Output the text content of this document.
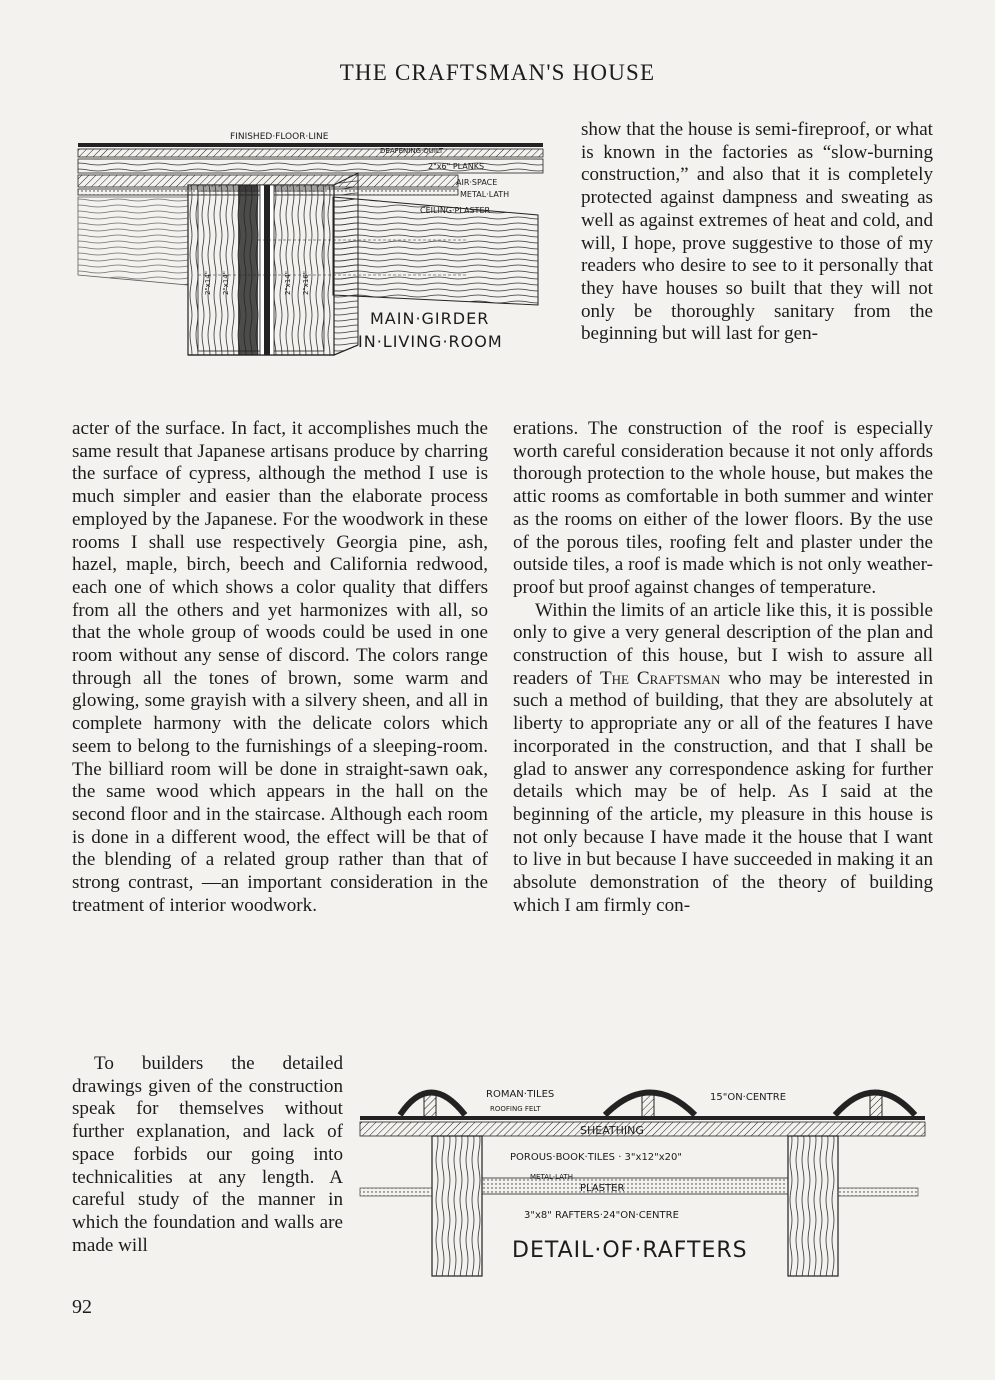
THE CRAFTSMAN'S HOUSE
2"x14" 2"x14"	2"x14" 2"x16"
FINISHED·FLOOR·LINE
DEAFENING·QUILT
2"x6" PLANKS
AIR·SPACE
METAL·LATH
CEILING·PLASTER
MAIN·GIRDER
IN·LIVING·ROOM
show that the house is semi-fireproof, or what is known in the factories as “slow-burning construction,” and also that it is completely protected against dampness and sweating as well as against extremes of heat and cold, and will, I hope, prove suggestive to those of my readers who desire to see to it personally that they have houses so built that they will not only be thoroughly sanitary from the beginning but will last for gen-
acter of the surface. In fact, it accomplishes much the same result that Japanese artisans produce by charring the surface of cypress, although the method I use is much simpler and easier than the elaborate process employed by the Japanese. For the woodwork in these rooms I shall use respectively Georgia pine, ash, hazel, maple, birch, beech and California redwood, each one of which shows a color quality that differs from all the others and yet harmonizes with all, so that the whole group of woods could be used in one room without any sense of discord. The colors range through all the tones of brown, some warm and glowing, some grayish with a silvery sheen, and all in complete harmony with the delicate colors which seem to belong to the furnishings of a sleeping-room. The billiard room will be done in straight-sawn oak, the same wood which appears in the hall on the second floor and in the staircase. Although each room is done in a different wood, the effect will be that of the blending of a related group rather than that of strong contrast, —an important consideration in the treatment of interior woodwork.

erations. The construction of the roof is especially worth careful consideration because it not only affords thorough protection to the whole house, but makes the attic rooms as comfortable in both summer and winter as the rooms on either of the lower floors. By the use of the porous tiles, roofing felt and plaster under the outside tiles, a roof is made which is not only weather-proof but proof against changes of temperature.

Within the limits of an article like this, it is possible only to give a very general description of the plan and construction of this house, but I wish to assure all readers of The Craftsman who may be interested in such a method of building, that they are absolutely at liberty to appropriate any or all of the features I have incorporated in the construction, and that I shall be glad to answer any correspondence asking for further details which may be of help. As I said at the beginning of the article, my pleasure in this house is not only because I have made it the house that I want to live in but because I have succeeded in making it an absolute demonstration of the theory of building which I am firmly con-

To builders the detailed drawings given of the construction speak for themselves without further explanation, and lack of space forbids our going into technicalities at any length. A careful study of the manner in which the foundation and walls are made will

ROMAN·TILES	15"ON·CENTRE
ROOFING FELT
SHEATHING
POROUS·BOOK·TILES · 3"x12"x20"
METAL·LATH
PLASTER
3"x8" RAFTERS·24"ON·CENTRE
DETAIL·OF·RAFTERS
92
